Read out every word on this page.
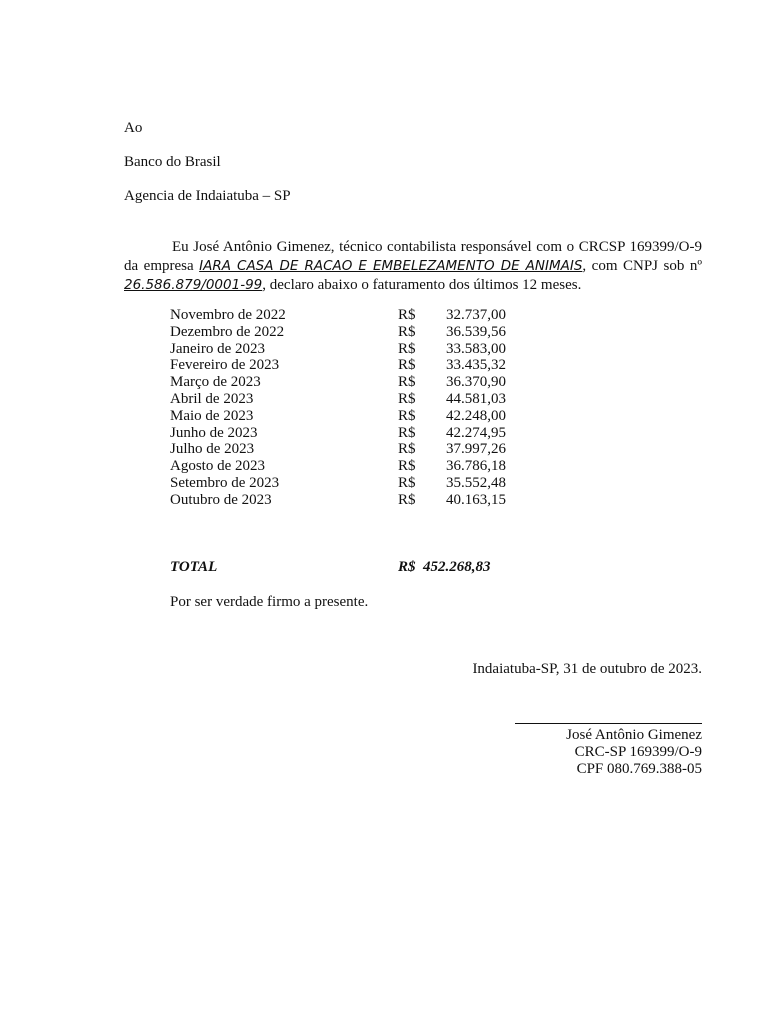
Ao
Banco do Brasil
Agencia de Indaiatuba – SP
Eu José Antônio Gimenez, técnico contabilista responsável com o CRCSP 169399/O-9 da empresa IARA CASA DE RACAO E EMBELEZAMENTO DE ANIMAIS, com CNPJ sob nº 26.586.879/0001-99, declaro abaixo o faturamento dos últimos 12 meses.
Novembro de 2022	R$	32.737,00
Dezembro de 2022	R$	36.539,56
Janeiro de 2023	R$	33.583,00
Fevereiro de 2023	R$	33.435,32
Março de 2023	R$	36.370,90
Abril de 2023	R$	44.581,03
Maio de 2023	R$	42.248,00
Junho de 2023	R$	42.274,95
Julho de 2023	R$	37.997,26
Agosto de 2023	R$	36.786,18
Setembro de 2023	R$	35.552,48
Outubro de 2023	R$	40.163,15
TOTAL	R$  452.268,83
Por ser verdade firmo a presente.
Indaiatuba-SP, 31 de outubro de 2023.
José Antônio Gimenez
CRC-SP 169399/O-9
CPF 080.769.388-05
